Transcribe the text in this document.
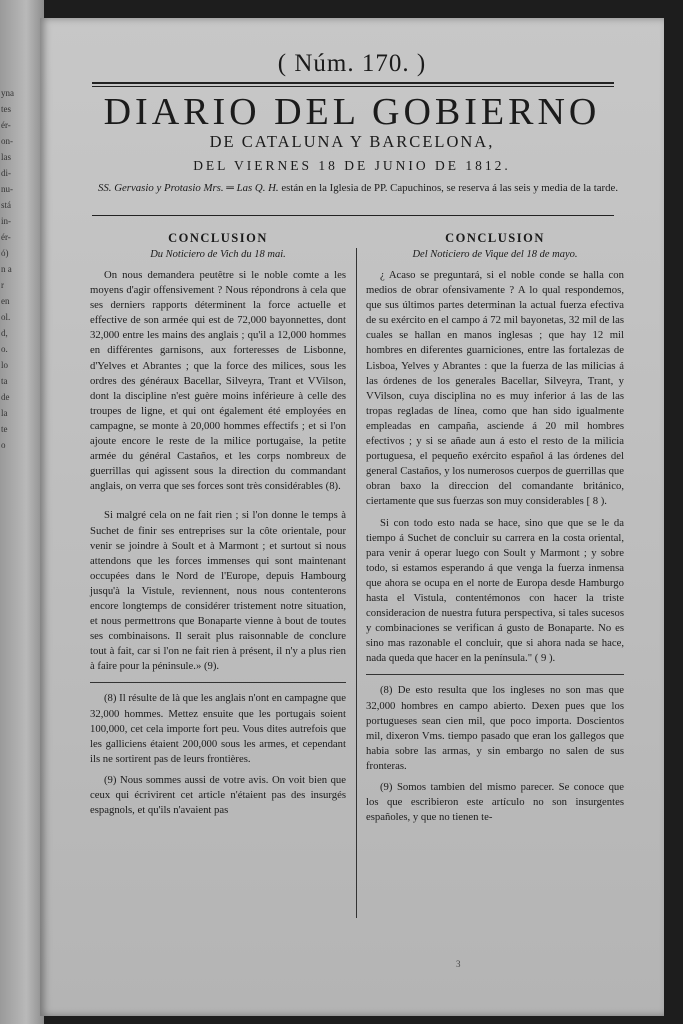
yna
tes
ér-
on-
las
di-
nu-
stá
in-
ér-
ó)
n a
r
en
ol.
d,
o.
lo
ta
de
la
te
o
( Núm. 170. )
DIARIO DEL GOBIERNO
DE CATALUNA Y BARCELONA,
DEL VIERNES 18 DE JUNIO DE 1812.
SS. Gervasio y Protasio Mrs. ═ Las Q. H. están en la Iglesia de PP. Capuchinos, se reserva á las seis y media de la tarde.
CONCLUSION
Du Noticiero de Vich du 18 mai.

On nous demandera peutêtre si le noble comte a les moyens d'agir offensivement ? Nous répondrons à cela que ses derniers rapports déterminent la force actuelle et effective de son armée qui est de 72,000 bayonnettes, dont 32,000 entre les mains des anglais ; qu'il a 12,000 hommes en différentes garnisons, aux forteresses de Lisbonne, d'Yelves et Abrantes ; que la force des milices, sous les ordres des généraux Bacellar, Silveyra, Trant et VVilson, dont la discipline n'est guère moins inférieure à celle des troupes de ligne, et qui ont également été employées en campagne, se monte à 20,000 hommes effectifs ; et si l'on ajoute encore le reste de la milice portugaise, la petite armée du général Castaños, et les corps nombreux de guerrillas qui agissent sous la direction du commandant anglais, on verra que ses forces sont très considérables (8).

Si malgré cela on ne fait rien ; si l'on donne le temps à Suchet de finir ses entreprises sur la côte orientale, pour venir se joindre à Soult et à Marmont ; et surtout si nous attendons que les forces immenses qui sont maintenant occupées dans le Nord de l'Europe, depuis Hambourg jusqu'à la Vistule, reviennent, nous nous contenterons encore longtemps de considérer tristement notre situation, et nous permettrons que Bonaparte vienne à bout de toutes ses combinaisons. Il serait plus raisonnable de conclure tout à fait, car si l'on ne fait rien à présent, il n'y a plus rien à faire pour la péninsule.» (9).

(8) Il résulte de là que les anglais n'ont en campagne que 32,000 hommes. Mettez ensuite que les portugais soient 100,000, cet cela importe fort peu. Vous dites autrefois que les galliciens étaient 200,000 sous les armes, et cependant ils ne sortirent pas de leurs frontières.

(9) Nous sommes aussi de votre avis. On voit bien que ceux qui écrivirent cet article n'étaient pas des insurgés espagnols, et qu'ils n'avaient pas

CONCLUSION
Del Noticiero de Vique del 18 de mayo.

¿ Acaso se preguntará, si el noble conde se halla con medios de obrar ofensivamente ? A lo qual respondemos, que sus últimos partes determinan la actual fuerza efectiva de su exército en el campo á 72 mil bayonetas, 32 mil de las cuales se hallan en manos inglesas ; que hay 12 mil hombres en diferentes guarniciones, entre las fortalezas de Lisboa, Yelves y Abrantes : que la fuerza de las milicias á las órdenes de los generales Bacellar, Silveyra, Trant, y VVilson, cuya disciplina no es muy inferior á las de las tropas regladas de línea, como que han sido igualmente empleadas en campaña, asciende á 20 mil hombres efectivos ; y si se añade aun á esto el resto de la milicia portuguesa, el pequeño exército español á las órdenes del general Castaños, y los numerosos cuerpos de guerrillas que obran baxo la direccion del comandante británico, ciertamente que sus fuerzas son muy considerables [ 8 ).

Si con todo esto nada se hace, sino que que se le da tiempo á Suchet de concluir su carrera en la costa oriental, para venir á operar luego con Soult y Marmont ; y sobre todo, si estamos esperando á que venga la fuerza inmensa que ahora se ocupa en el norte de Europa desde Hamburgo hasta el Vistula, contentémonos con hacer la triste consideracion de nuestra futura perspectiva, si tales sucesos y combinaciones se verifican á gusto de Bonaparte. No es sino mas razonable el concluir, que si ahora nada se hace, nada queda que hacer en la península." ( 9 ).

(8) De esto resulta que los ingleses no son mas que 32,000 hombres en campo abierto. Dexen pues que los portugueses sean cien mil, que poco importa. Doscientos mil, dixeron Vms. tiempo pasado que eran los gallegos que habia sobre las armas, y sin embargo no salen de sus fronteras.

(9) Somos tambien del mismo parecer. Se conoce que los que escribieron este artículo no son insurgentes españoles, y que no tienen te-

3
